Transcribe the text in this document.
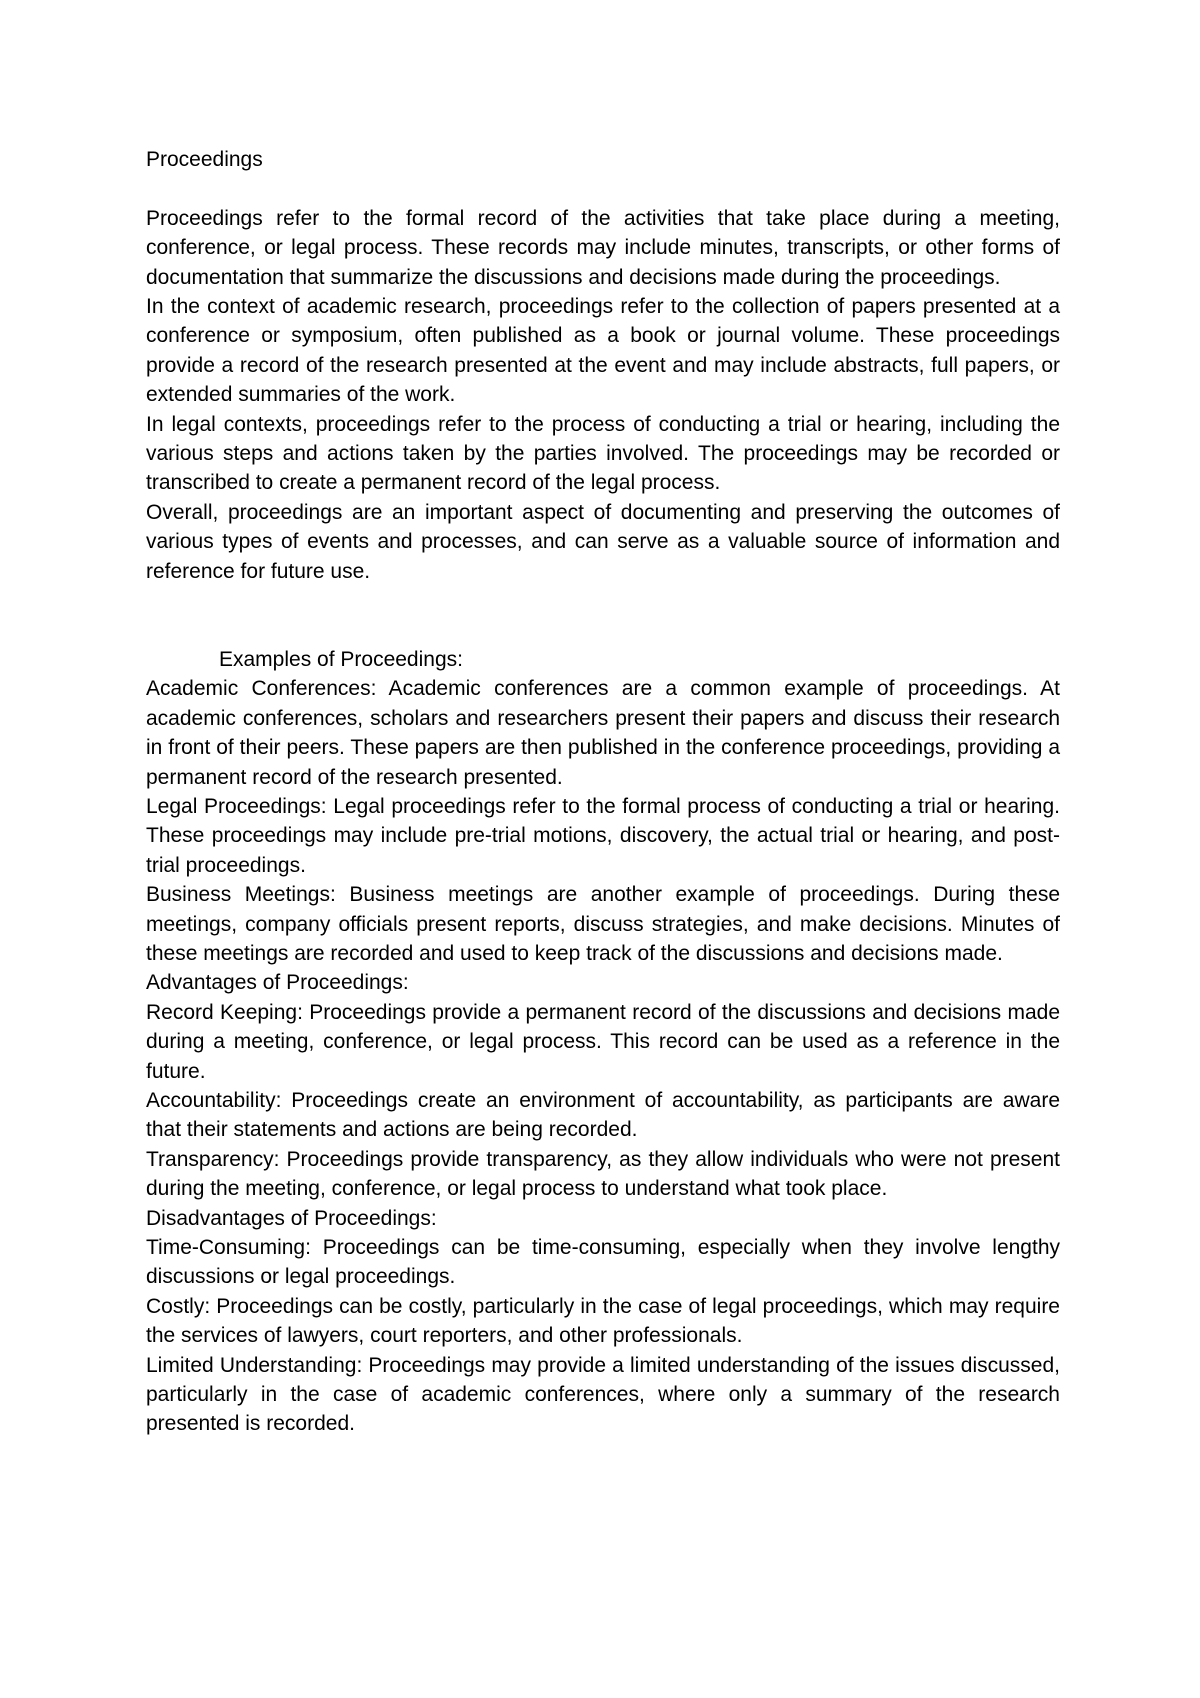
Proceedings

Proceedings refer to the formal record of the activities that take place during a meeting, conference, or legal process. These records may include minutes, transcripts, or other forms of documentation that summarize the discussions and decisions made during the proceedings.

In the context of academic research, proceedings refer to the collection of papers presented at a conference or symposium, often published as a book or journal volume. These proceedings provide a record of the research presented at the event and may include abstracts, full papers, or extended summaries of the work.

In legal contexts, proceedings refer to the process of conducting a trial or hearing, including the various steps and actions taken by the parties involved. The proceedings may be recorded or transcribed to create a permanent record of the legal process.

Overall, proceedings are an important aspect of documenting and preserving the outcomes of various types of events and processes, and can serve as a valuable source of information and reference for future use.

Examples of Proceedings:

Academic Conferences: Academic conferences are a common example of proceedings. At academic conferences, scholars and researchers present their papers and discuss their research in front of their peers. These papers are then published in the conference proceedings, providing a permanent record of the research presented.

Legal Proceedings: Legal proceedings refer to the formal process of conducting a trial or hearing. These proceedings may include pre-trial motions, discovery, the actual trial or hearing, and post-trial proceedings.

Business Meetings: Business meetings are another example of proceedings. During these meetings, company officials present reports, discuss strategies, and make decisions. Minutes of these meetings are recorded and used to keep track of the discussions and decisions made.

Advantages of Proceedings:

Record Keeping: Proceedings provide a permanent record of the discussions and decisions made during a meeting, conference, or legal process. This record can be used as a reference in the future.

Accountability: Proceedings create an environment of accountability, as participants are aware that their statements and actions are being recorded.

Transparency: Proceedings provide transparency, as they allow individuals who were not present during the meeting, conference, or legal process to understand what took place.

Disadvantages of Proceedings:

Time-Consuming: Proceedings can be time-consuming, especially when they involve lengthy discussions or legal proceedings.

Costly: Proceedings can be costly, particularly in the case of legal proceedings, which may require the services of lawyers, court reporters, and other professionals.

Limited Understanding: Proceedings may provide a limited understanding of the issues discussed, particularly in the case of academic conferences, where only a summary of the research presented is recorded.
